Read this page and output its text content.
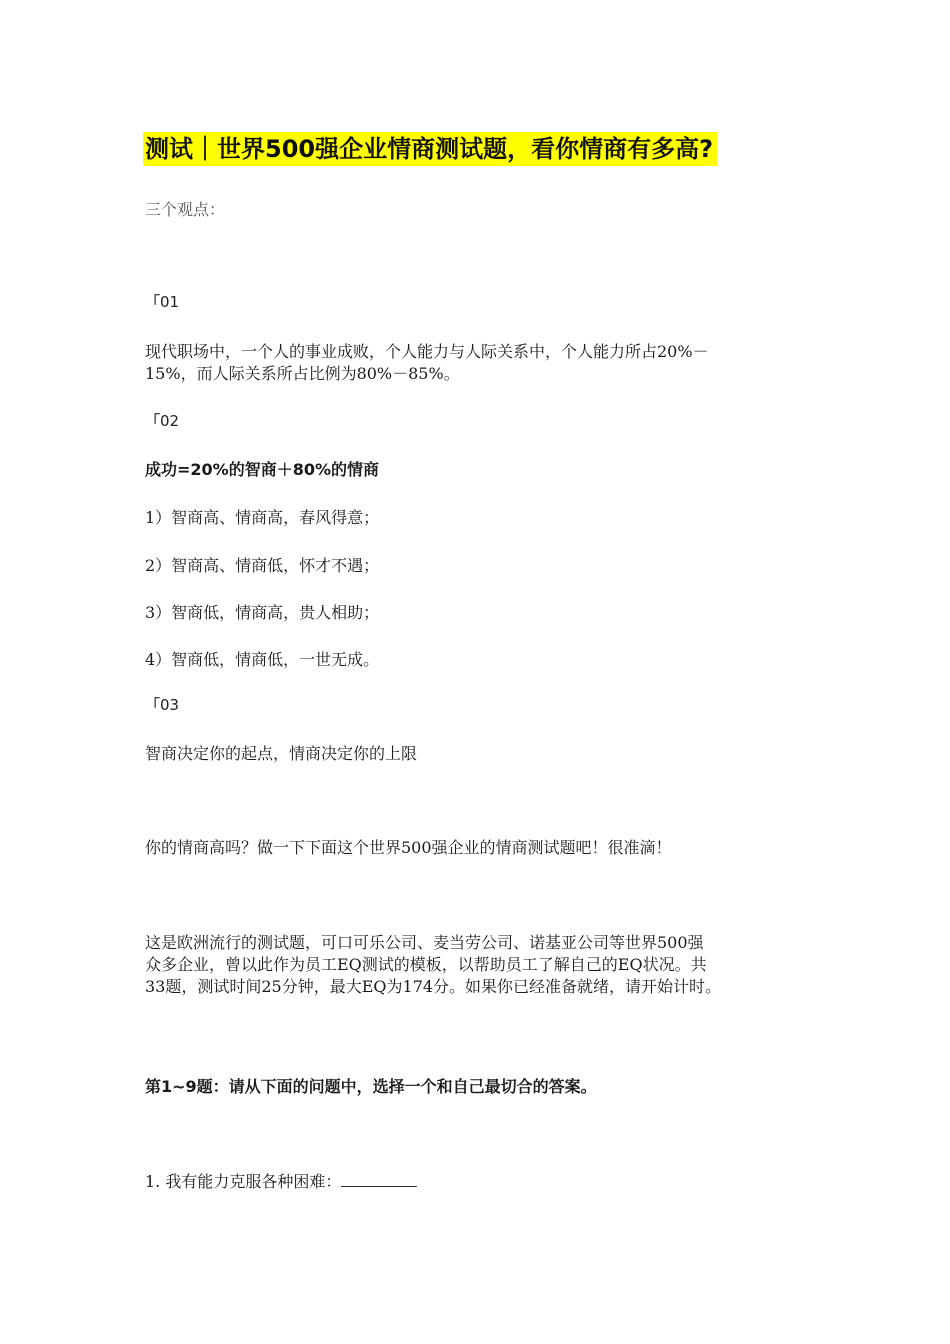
测试｜世界500强企业情商测试题，看你情商有多高?
三个观点：
「01
现代职场中，一个人的事业成败，个人能力与人际关系中，个人能力所占20%－
15%，而人际关系所占比例为80%－85%。
「02
成功=20%的智商＋80%的情商
1）智商高、情商高，春风得意；
2）智商高、情商低，怀才不遇；
3）智商低，情商高，贵人相助；
4）智商低，情商低，一世无成。
「03
智商决定你的起点，情商决定你的上限
你的情商高吗？做一下下面这个世界500强企业的情商测试题吧！很准滴！
这是欧洲流行的测试题，可口可乐公司、麦当劳公司、诺基亚公司等世界500强
众多企业，曾以此作为员工EQ测试的模板，以帮助员工了解自己的EQ状况。共
33题，测试时间25分钟，最大EQ为174分。如果你已经准备就绪，请开始计时。
第1~9题：请从下面的问题中，选择一个和自己最切合的答案。
1. 我有能力克服各种困难：
